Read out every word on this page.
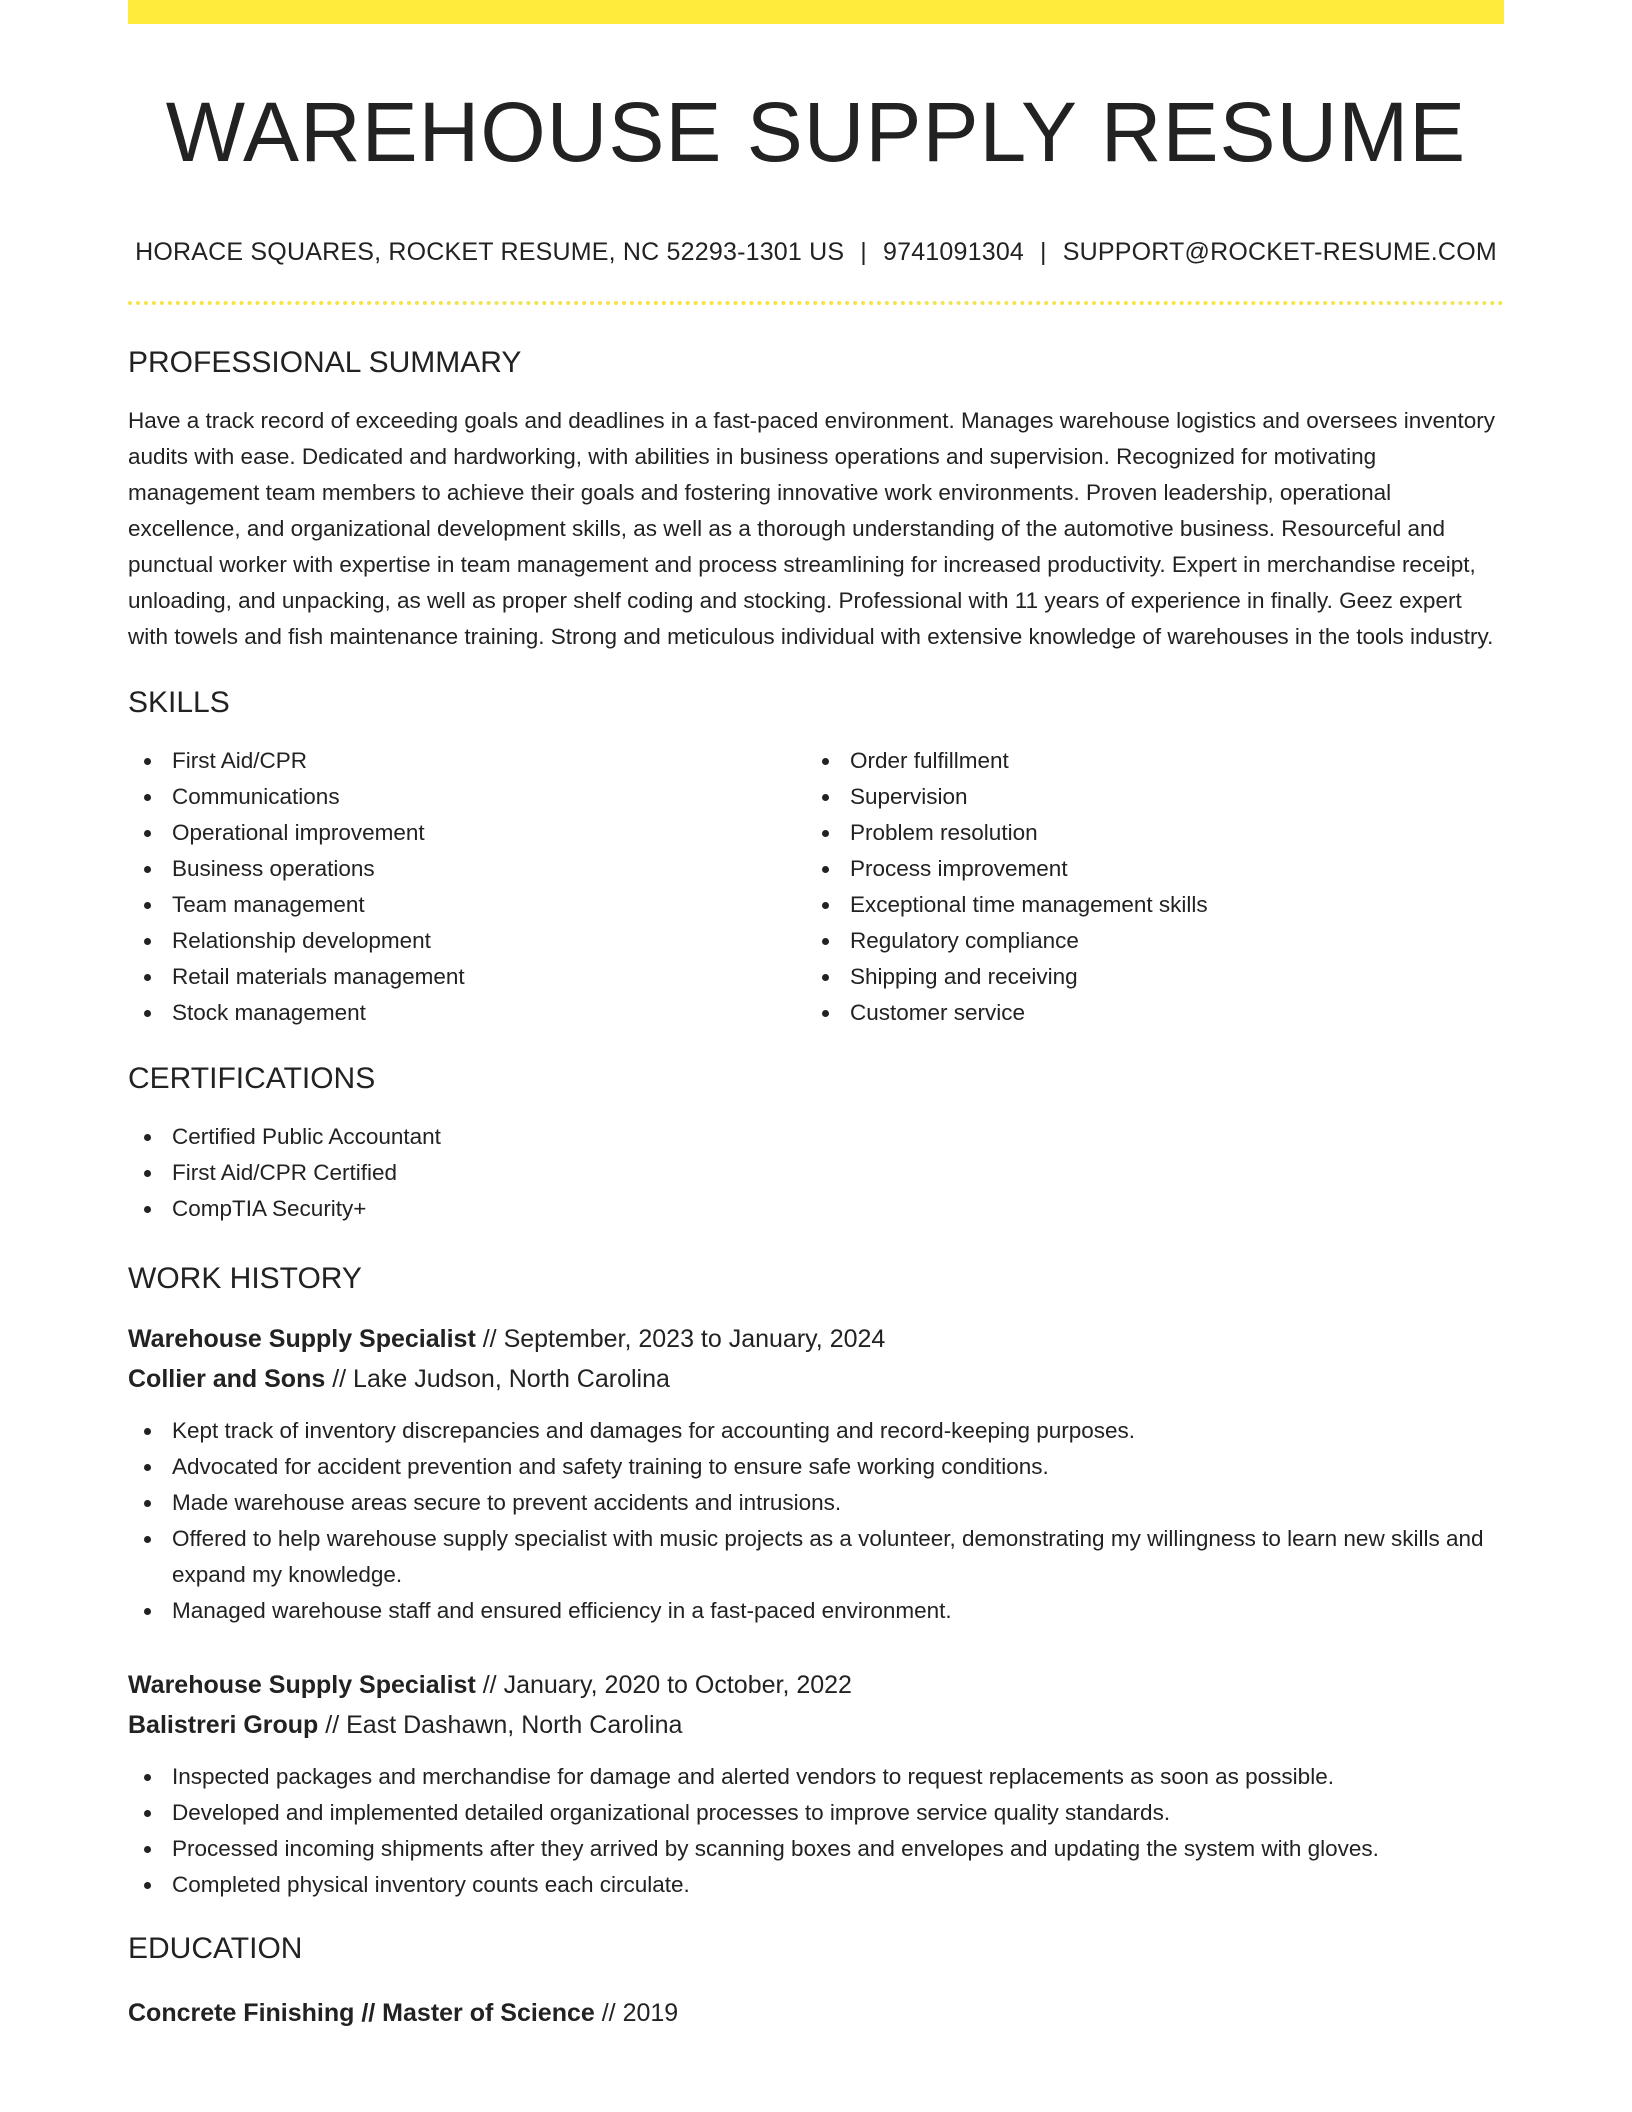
WAREHOUSE SUPPLY RESUME
HORACE SQUARES, ROCKET RESUME, NC 52293-1301 US | 9741091304 | SUPPORT@ROCKET-RESUME.COM
PROFESSIONAL SUMMARY

Have a track record of exceeding goals and deadlines in a fast-paced environment. Manages warehouse logistics and oversees inventory audits with ease. Dedicated and hardworking, with abilities in business operations and supervision. Recognized for motivating management team members to achieve their goals and fostering innovative work environments. Proven leadership, operational excellence, and organizational development skills, as well as a thorough understanding of the automotive business. Resourceful and punctual worker with expertise in team management and process streamlining for increased productivity. Expert in merchandise receipt, unloading, and unpacking, as well as proper shelf coding and stocking. Professional with 11 years of experience in finally. Geez expert with towels and fish maintenance training. Strong and meticulous individual with extensive knowledge of warehouses in the tools industry.

SKILLS
First Aid/CPR
Communications
Operational improvement
Business operations
Team management
Relationship development
Retail materials management
Stock management
Order fulfillment
Supervision
Problem resolution
Process improvement
Exceptional time management skills
Regulatory compliance
Shipping and receiving
Customer service
CERTIFICATIONS
Certified Public Accountant
First Aid/CPR Certified
CompTIA Security+
WORK HISTORY
Warehouse Supply Specialist // September, 2023 to January, 2024
Collier and Sons // Lake Judson, North Carolina
Kept track of inventory discrepancies and damages for accounting and record-keeping purposes.
Advocated for accident prevention and safety training to ensure safe working conditions.
Made warehouse areas secure to prevent accidents and intrusions.
Offered to help warehouse supply specialist with music projects as a volunteer, demonstrating my willingness to learn new skills and expand my knowledge.
Managed warehouse staff and ensured efficiency in a fast-paced environment.
Warehouse Supply Specialist // January, 2020 to October, 2022
Balistreri Group // East Dashawn, North Carolina
Inspected packages and merchandise for damage and alerted vendors to request replacements as soon as possible.
Developed and implemented detailed organizational processes to improve service quality standards.
Processed incoming shipments after they arrived by scanning boxes and envelopes and updating the system with gloves.
Completed physical inventory counts each circulate.
EDUCATION
Concrete Finishing // Master of Science // 2019
